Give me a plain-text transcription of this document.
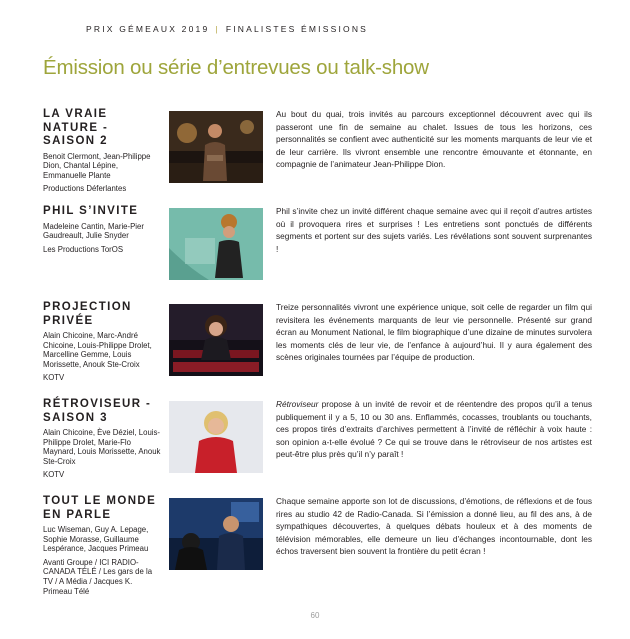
PRIX GÉMEAUX 2019 | FINALISTES ÉMISSIONS
Émission ou série d’entrevues ou talk-show
LA VRAIE NATURE - SAISON 2
Benoit Clermont, Jean-Philippe Dion, Chantal Lépine, Emmanuelle Plante
Productions Déferlantes
Au bout du quai, trois invités au parcours exceptionnel découvrent avec qui ils passeront une fin de semaine au chalet. Issues de tous les horizons, ces personnalités se confient avec authenticité sur les moments marquants de leur vie et de leur carrière. Ils vivront ensemble une rencontre émouvante et étonnante, en compagnie de l’animateur Jean-Philippe Dion.
PHIL S’INVITE
Madeleine Cantin, Marie-Pier Gaudreault, Julie Snyder
Les Productions TorOS
Phil s’invite chez un invité différent chaque semaine avec qui il reçoit d’autres artistes où il provoquera rires et surprises ! Les entretiens sont ponctués de différents segments et portent sur des sujets variés. Les révélations sont souvent surprenantes !
PROJECTION PRIVÉE
Alain Chicoine, Marc-André Chicoine, Louis-Philippe Drolet, Marcelline Gemme, Louis Morissette, Anouk Ste-Croix
KOTV
Treize personnalités vivront une expérience unique, soit celle de regarder un film qui revisitera les événements marquants de leur vie personnelle. Présenté sur grand écran au Monument National, le film biographique d’une dizaine de minutes survolera les moments clés de leur vie, de l’enfance à aujourd’hui. Il y aura également des scènes originales tournées par l’équipe de production.
RÉTROVISEUR - SAISON 3
Alain Chicoine, Ève Déziel, Louis-Philippe Drolet, Marie-Flo Maynard, Louis Morissette, Anouk Ste-Croix
KOTV
Rétroviseur propose à un invité de revoir et de réentendre des propos qu’il a tenus publiquement il y a 5, 10 ou 30 ans. Enflammés, cocasses, troublants ou touchants, ces propos tirés d’extraits d’archives permettent à l’invité de réfléchir à voix haute : son opinion a-t-elle évolué ? Ce qui se trouve dans le rétroviseur de nos artistes est peut-être plus près qu’il n’y paraît !
TOUT LE MONDE EN PARLE
Luc Wiseman, Guy A. Lepage, Sophie Morasse, Guillaume Lespérance, Jacques Primeau
Avanti Groupe / ICI RADIO-CANADA TÉLÉ / Les gars de la TV / A Média / Jacques K. Primeau Télé
Chaque semaine apporte son lot de discussions, d’émotions, de réflexions et de fous rires au studio 42 de Radio-Canada. Si l’émission a donné lieu, au fil des ans, à de sympathiques découvertes, à quelques débats houleux et à des moments de télévision mémorables, elle demeure un lieu d’échanges incontournable, dont les échos traversent bien souvent la frontière du petit écran !
60
